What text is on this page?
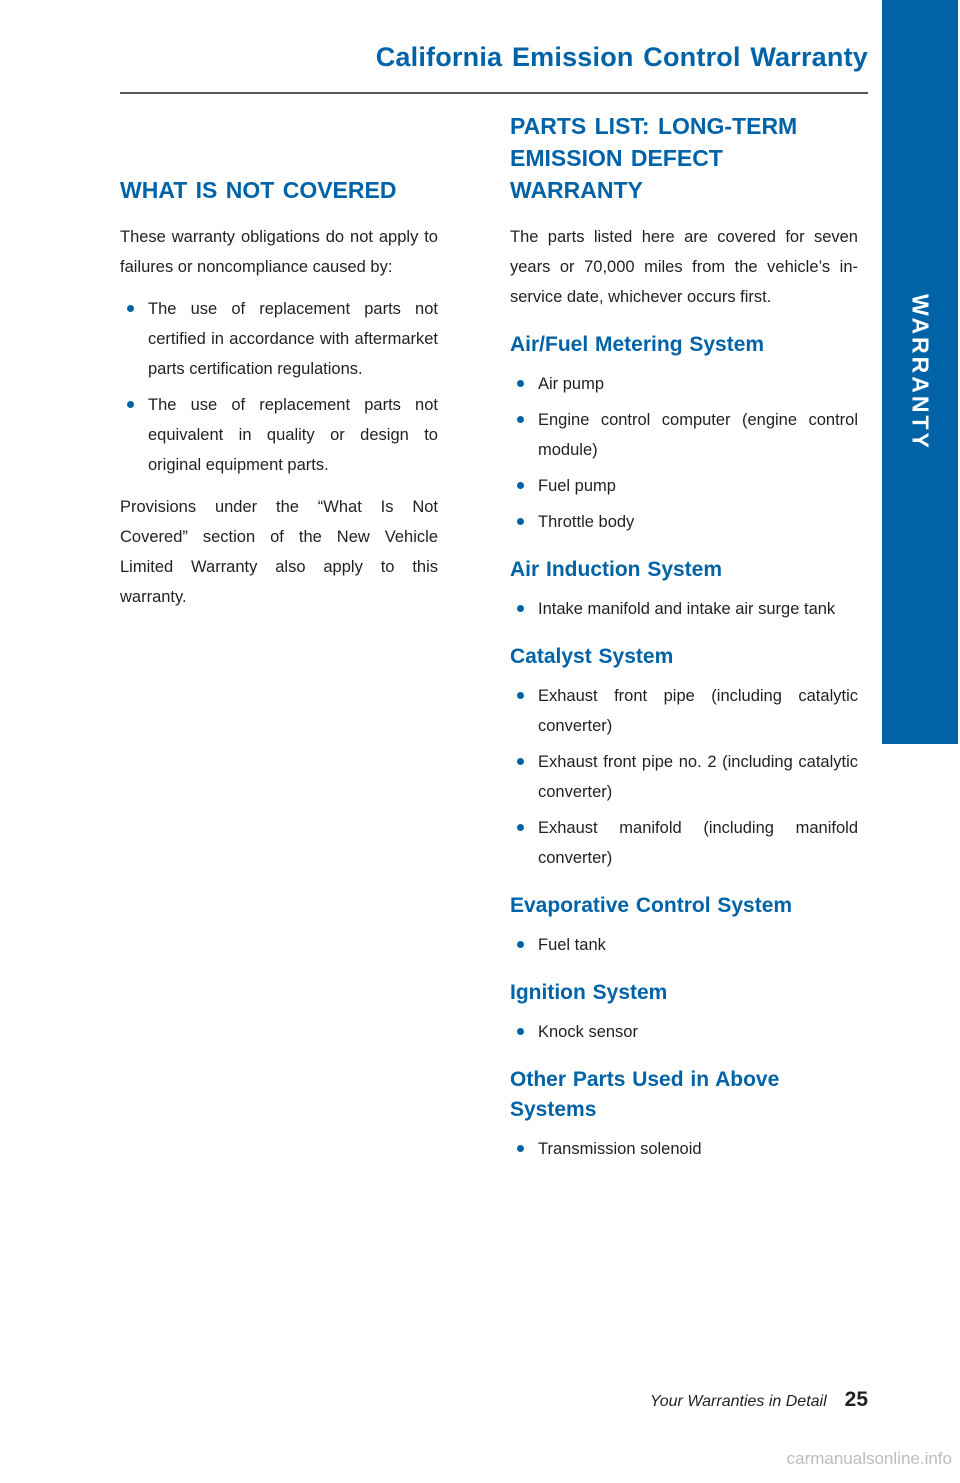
California Emission Control Warranty
WARRANTY
WHAT IS NOT COVERED

These warranty obligations do not apply to failures or noncompliance caused by:

The use of replacement parts not certified in accordance with aftermarket parts certification regulations.
The use of replacement parts not equivalent in quality or design to original equipment parts.

Provisions under the “What Is Not Covered” section of the New Vehicle Limited Warranty also apply to this warranty.

PARTS LIST: LONG-TERM EMISSION DEFECT WARRANTY

The parts listed here are covered for seven years or 70,000 miles from the vehicle’s in-service date, whichever occurs first.

Air/Fuel Metering System
Air pump
Engine control computer (engine control module)
Fuel pump
Throttle body
Air Induction System
Intake manifold and intake air surge tank
Catalyst System
Exhaust front pipe (including catalytic converter)
Exhaust front pipe no. 2 (including catalytic converter)
Exhaust manifold (including manifold converter)
Evaporative Control System
Fuel tank
Ignition System
Knock sensor
Other Parts Used in Above Systems
Transmission solenoid
Your Warranties in Detail 25
carmanualsonline.info
